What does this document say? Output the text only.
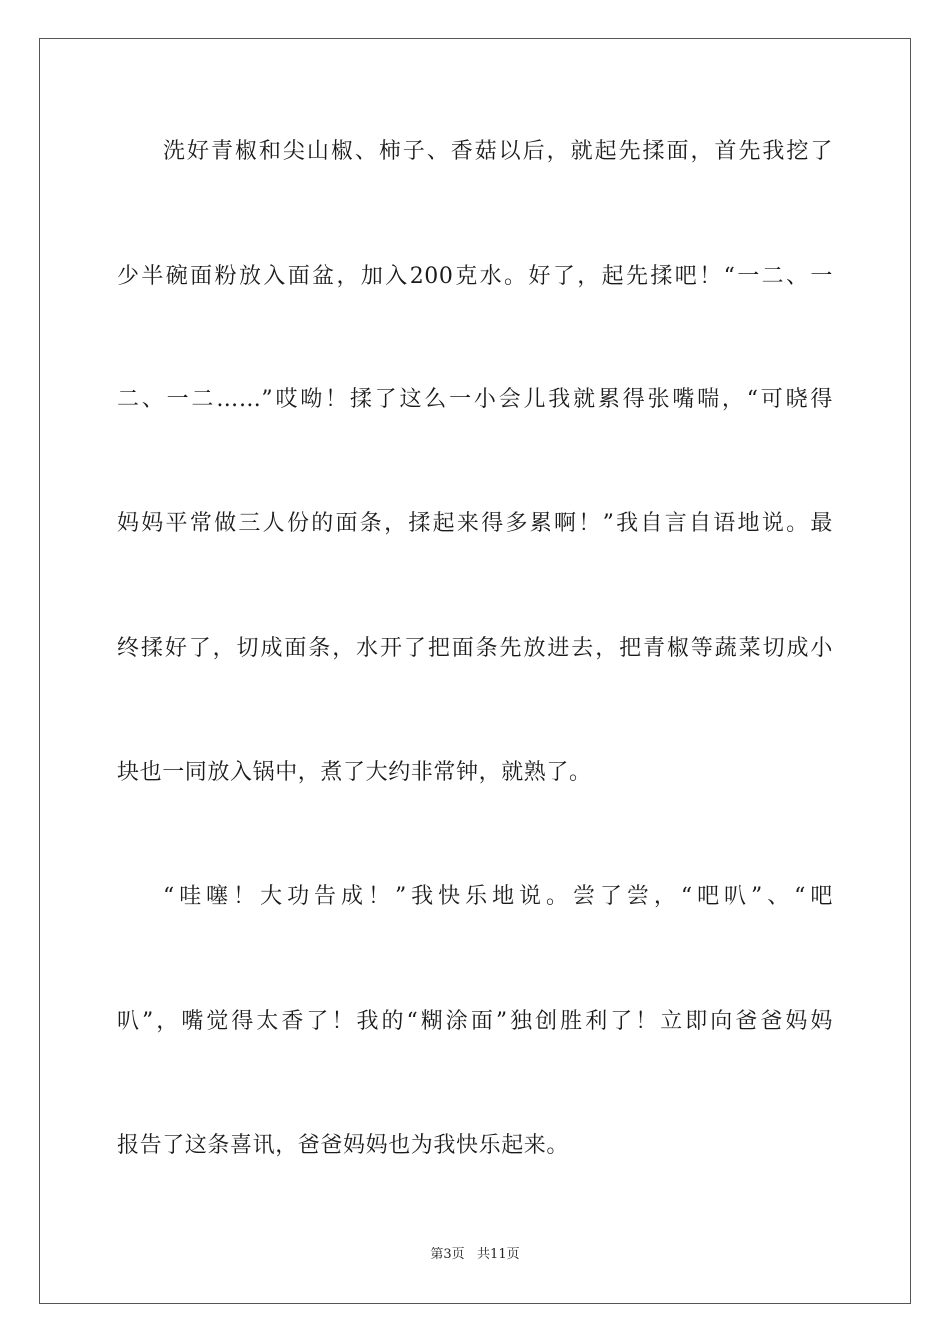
洗好青椒和尖山椒、柿子、香菇以后，就起先揉面，首先我挖了
少半碗面粉放入面盆，加入200克水。好了，起先揉吧！“一二、一
二、一二……”哎呦！揉了这么一小会儿我就累得张嘴喘，“可晓得
妈妈平常做三人份的面条，揉起来得多累啊！”我自言自语地说。最
终揉好了，切成面条，水开了把面条先放进去，把青椒等蔬菜切成小
块也一同放入锅中，煮了大约非常钟，就熟了。
“哇噻！大功告成！”我快乐地说。尝了尝，“吧叭”、“吧
叭”，嘴觉得太香了！我的“糊涂面”独创胜利了！立即向爸爸妈妈
报告了这条喜讯，爸爸妈妈也为我快乐起来。
第3页   共11页
